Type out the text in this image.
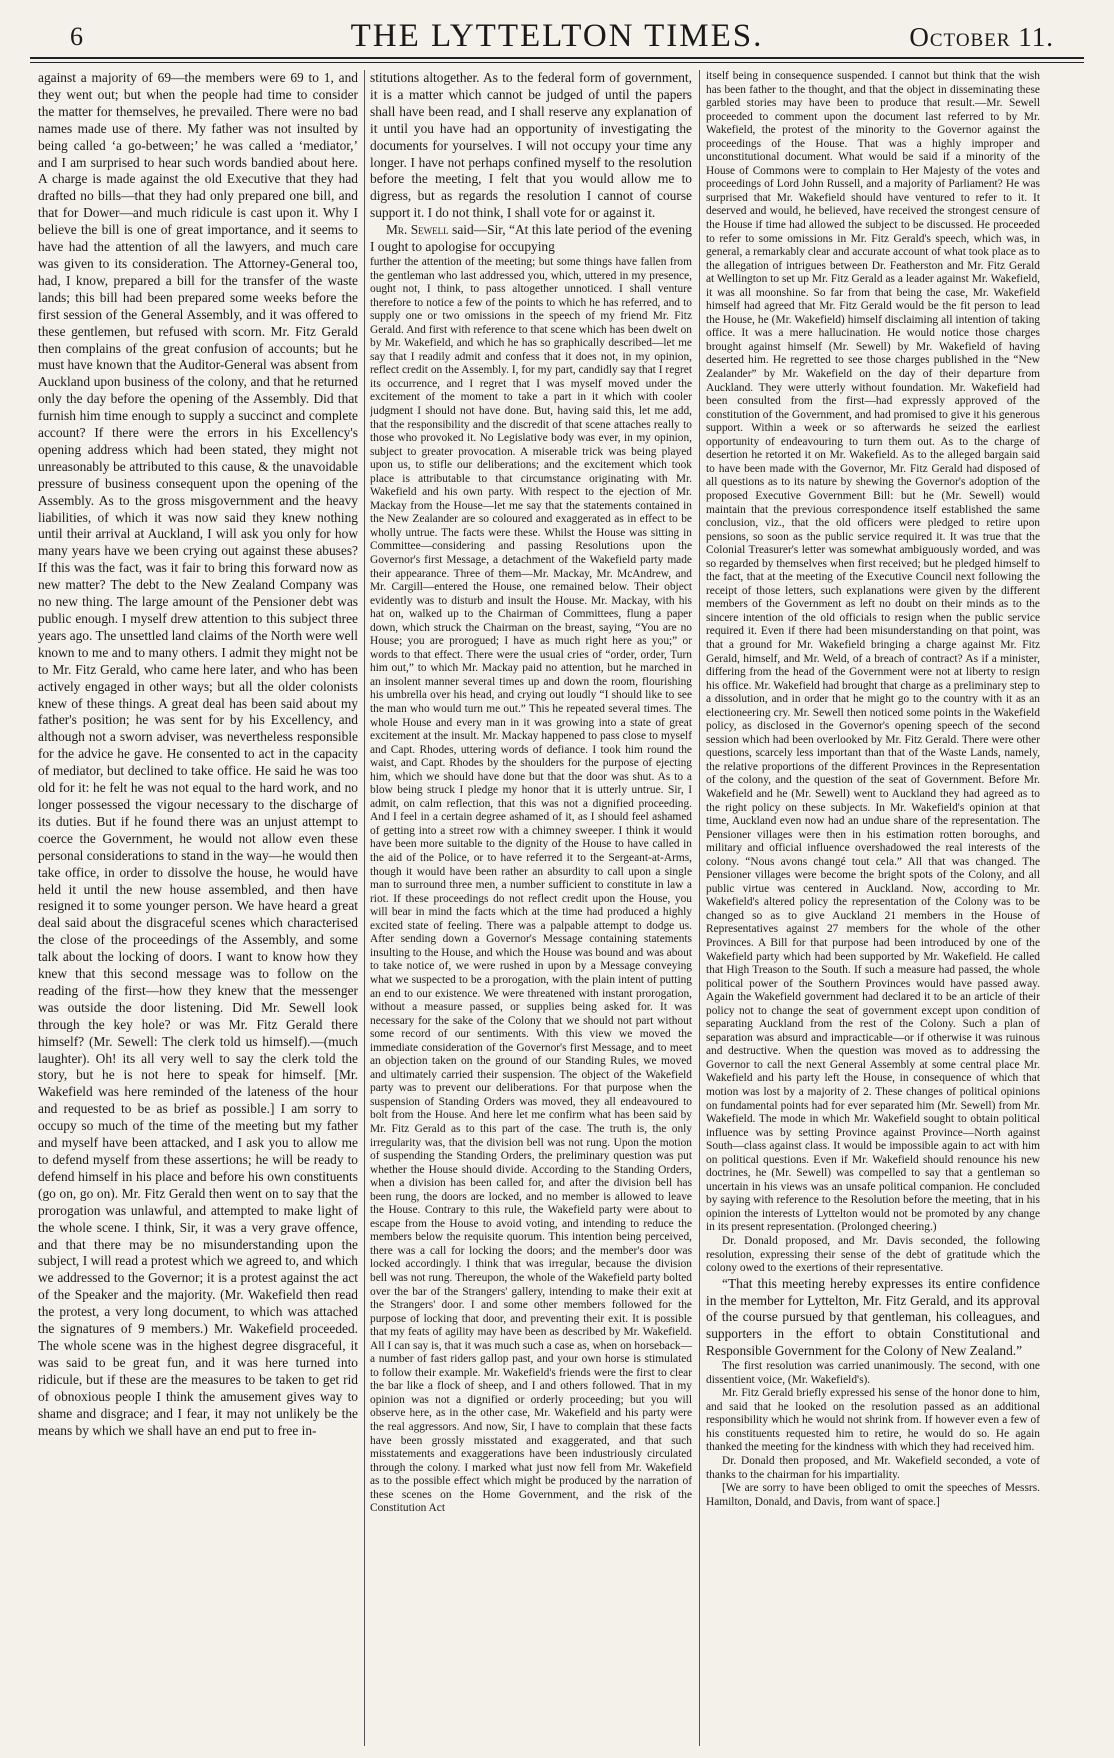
6	THE LYTTELTON TIMES.	October 11.

against a majority of 69—the members were 69 to 1, and they went out; but when the people had time to consider the matter for themselves, he prevailed. There were no bad names made use of there. My father was not insulted by being called ‘a go-between;’ he was called a ‘mediator,’ and I am surprised to hear such words bandied about here. A charge is made against the old Executive that they had drafted no bills—that they had only prepared one bill, and that for Dower—and much ridicule is cast upon it. Why I believe the bill is one of great importance, and it seems to have had the attention of all the lawyers, and much care was given to its consideration. The Attorney-General too, had, I know, prepared a bill for the transfer of the waste lands; this bill had been prepared some weeks before the first session of the General Assembly, and it was offered to these gentlemen, but refused with scorn. Mr. Fitz Gerald then complains of the great confusion of accounts; but he must have known that the Auditor-General was absent from Auckland upon business of the colony, and that he returned only the day before the opening of the Assembly. Did that furnish him time enough to supply a succinct and complete account? If there were the errors in his Excellency's opening address which had been stated, they might not unreasonably be attributed to this cause, & the unavoidable pressure of business consequent upon the opening of the Assembly. As to the gross misgovernment and the heavy liabilities, of which it was now said they knew nothing until their arrival at Auckland, I will ask you only for how many years have we been crying out against these abuses? If this was the fact, was it fair to bring this forward now as new matter? The debt to the New Zealand Company was no new thing. The large amount of the Pensioner debt was public enough. I myself drew attention to this subject three years ago. The unsettled land claims of the North were well known to me and to many others. I admit they might not be to Mr. Fitz Gerald, who came here later, and who has been actively engaged in other ways; but all the older colonists knew of these things. A great deal has been said about my father's position; he was sent for by his Excellency, and although not a sworn adviser, was nevertheless responsible for the advice he gave. He consented to act in the capacity of mediator, but declined to take office. He said he was too old for it: he felt he was not equal to the hard work, and no longer possessed the vigour necessary to the discharge of its duties. But if he found there was an unjust attempt to coerce the Government, he would not allow even these personal considerations to stand in the way—he would then take office, in order to dissolve the house, he would have held it until the new house assembled, and then have resigned it to some younger person. We have heard a great deal said about the disgraceful scenes which characterised the close of the proceedings of the Assembly, and some talk about the locking of doors. I want to know how they knew that this second message was to follow on the reading of the first—how they knew that the messenger was outside the door listening. Did Mr. Sewell look through the key hole? or was Mr. Fitz Gerald there himself? (Mr. Sewell: The clerk told us himself).—(much laughter). Oh! its all very well to say the clerk told the story, but he is not here to speak for himself. [Mr. Wakefield was here reminded of the lateness of the hour and requested to be as brief as possible.] I am sorry to occupy so much of the time of the meeting but my father and myself have been attacked, and I ask you to allow me to defend myself from these assertions; he will be ready to defend himself in his place and before his own constituents (go on, go on). Mr. Fitz Gerald then went on to say that the prorogation was unlawful, and attempted to make light of the whole scene. I think, Sir, it was a very grave offence, and that there may be no misunderstanding upon the subject, I will read a protest which we agreed to, and which we addressed to the Governor; it is a protest against the act of the Speaker and the majority. (Mr. Wakefield then read the protest, a very long document, to which was attached the signatures of 9 members.) Mr. Wakefield proceeded. The whole scene was in the highest degree disgraceful, it was said to be great fun, and it was here turned into ridicule, but if these are the measures to be taken to get rid of obnoxious people I think the amusement gives way to shame and disgrace; and I fear, it may not unlikely be the means by which we shall have an end put to free in-

stitutions altogether. As to the federal form of government, it is a matter which cannot be judged of until the papers shall have been read, and I shall reserve any explanation of it until you have had an opportunity of investigating the documents for yourselves. I will not occupy your time any longer. I have not perhaps confined myself to the resolution before the meeting, I felt that you would allow me to digress, but as regards the resolution I cannot of course support it. I do not think, I shall vote for or against it.

Mr. Sewell said—Sir, “At this late period of the evening I ought to apologise for occupying

further the attention of the meeting; but some things have fallen from the gentleman who last addressed you, which, uttered in my presence, ought not, I think, to pass altogether unnoticed. I shall venture therefore to notice a few of the points to which he has referred, and to supply one or two omissions in the speech of my friend Mr. Fitz Gerald. And first with reference to that scene which has been dwelt on by Mr. Wakefield, and which he has so graphically described—let me say that I readily admit and confess that it does not, in my opinion, reflect credit on the Assembly. I, for my part, candidly say that I regret its occurrence, and I regret that I was myself moved under the excitement of the moment to take a part in it which with cooler judgment I should not have done. But, having said this, let me add, that the responsibility and the discredit of that scene attaches really to those who provoked it. No Legislative body was ever, in my opinion, subject to greater provocation. A miserable trick was being played upon us, to stifle our deliberations; and the excitement which took place is attributable to that circumstance originating with Mr. Wakefield and his own party. With respect to the ejection of Mr. Mackay from the House—let me say that the statements contained in the New Zealander are so coloured and exaggerated as in effect to be wholly untrue. The facts were these. Whilst the House was sitting in Committee—considering and passing Resolutions upon the Governor's first Message, a detachment of the Wakefield party made their appearance. Three of them—Mr. Mackay, Mr. McAndrew, and Mr. Cargill—entered the House, one remained below. Their object evidently was to disturb and insult the House. Mr. Mackay, with his hat on, walked up to the Chairman of Committees, flung a paper down, which struck the Chairman on the breast, saying, “You are no House; you are prorogued; I have as much right here as you;” or words to that effect. There were the usual cries of “order, order, Turn him out,” to which Mr. Mackay paid no attention, but he marched in an insolent manner several times up and down the room, flourishing his umbrella over his head, and crying out loudly “I should like to see the man who would turn me out.” This he repeated several times. The whole House and every man in it was growing into a state of great excitement at the insult. Mr. Mackay happened to pass close to myself and Capt. Rhodes, uttering words of defiance. I took him round the waist, and Capt. Rhodes by the shoulders for the purpose of ejecting him, which we should have done but that the door was shut. As to a blow being struck I pledge my honor that it is utterly untrue. Sir, I admit, on calm reflection, that this was not a dignified proceeding. And I feel in a certain degree ashamed of it, as I should feel ashamed of getting into a street row with a chimney sweeper. I think it would have been more suitable to the dignity of the House to have called in the aid of the Police, or to have referred it to the Sergeant-at-Arms, though it would have been rather an absurdity to call upon a single man to surround three men, a number sufficient to constitute in law a riot. If these proceedings do not reflect credit upon the House, you will bear in mind the facts which at the time had produced a highly excited state of feeling. There was a palpable attempt to dodge us. After sending down a Governor's Message containing statements insulting to the House, and which the House was bound and was about to take notice of, we were rushed in upon by a Message conveying what we suspected to be a prorogation, with the plain intent of putting an end to our existence. We were threatened with instant prorogation, without a measure passed, or supplies being asked for. It was necessary for the sake of the Colony that we should not part without some record of our sentiments. With this view we moved the immediate consideration of the Governor's first Message, and to meet an objection taken on the ground of our Standing Rules, we moved and ultimately carried their suspension. The object of the Wakefield party was to prevent our deliberations. For that purpose when the suspension of Standing Orders was moved, they all endeavoured to bolt from the House. And here let me confirm what has been said by Mr. Fitz Gerald as to this part of the case. The truth is, the only irregularity was, that the division bell was not rung. Upon the motion of suspending the Standing Orders, the preliminary question was put whether the House should divide. According to the Standing Orders, when a division has been called for, and after the division bell has been rung, the doors are locked, and no member is allowed to leave the House. Contrary to this rule, the Wakefield party were about to escape from the House to avoid voting, and intending to reduce the members below the requisite quorum. This intention being perceived, there was a call for locking the doors; and the member's door was locked accordingly. I think that was irregular, because the division bell was not rung. Thereupon, the whole of the Wakefield party bolted over the bar of the Strangers' gallery, intending to make their exit at the Strangers' door. I and some other members followed for the purpose of locking that door, and preventing their exit. It is possible that my feats of agility may have been as described by Mr. Wakefield. All I can say is, that it was much such a case as, when on horseback—a number of fast riders gallop past, and your own horse is stimulated to follow their example. Mr. Wakefield's friends were the first to clear the bar like a flock of sheep, and I and others followed. That in my opinion was not a dignified or orderly proceeding; but you will observe here, as in the other case, Mr. Wakefield and his party were the real aggressors. And now, Sir, I have to complain that these facts have been grossly misstated and exaggerated, and that such misstatements and exaggerations have been industriously circulated through the colony. I marked what just now fell from Mr. Wakefield as to the possible effect which might be produced by the narration of these scenes on the Home Government, and the risk of the Constitution Act

itself being in consequence suspended. I cannot but think that the wish has been father to the thought, and that the object in disseminating these garbled stories may have been to produce that result.—Mr. Sewell proceeded to comment upon the document last referred to by Mr. Wakefield, the protest of the minority to the Governor against the proceedings of the House. That was a highly improper and unconstitutional document. What would be said if a minority of the House of Commons were to complain to Her Majesty of the votes and proceedings of Lord John Russell, and a majority of Parliament? He was surprised that Mr. Wakefield should have ventured to refer to it. It deserved and would, he believed, have received the strongest censure of the House if time had allowed the subject to be discussed. He proceeded to refer to some omissions in Mr. Fitz Gerald's speech, which was, in general, a remarkably clear and accurate account of what took place as to the allegation of intrigues between Dr. Featherston and Mr. Fitz Gerald at Wellington to set up Mr. Fitz Gerald as a leader against Mr. Wakefield, it was all moonshine. So far from that being the case, Mr. Wakefield himself had agreed that Mr. Fitz Gerald would be the fit person to lead the House, he (Mr. Wakefield) himself disclaiming all intention of taking office. It was a mere hallucination. He would notice those charges brought against himself (Mr. Sewell) by Mr. Wakefield of having deserted him. He regretted to see those charges published in the “New Zealander” by Mr. Wakefield on the day of their departure from Auckland. They were utterly without foundation. Mr. Wakefield had been consulted from the first—had expressly approved of the constitution of the Government, and had promised to give it his generous support. Within a week or so afterwards he seized the earliest opportunity of endeavouring to turn them out. As to the charge of desertion he retorted it on Mr. Wakefield. As to the alleged bargain said to have been made with the Governor, Mr. Fitz Gerald had disposed of all questions as to its nature by shewing the Governor's adoption of the proposed Executive Government Bill: but he (Mr. Sewell) would maintain that the previous correspondence itself established the same conclusion, viz., that the old officers were pledged to retire upon pensions, so soon as the public service required it. It was true that the Colonial Treasurer's letter was somewhat ambiguously worded, and was so regarded by themselves when first received; but he pledged himself to the fact, that at the meeting of the Executive Council next following the receipt of those letters, such explanations were given by the different members of the Government as left no doubt on their minds as to the sincere intention of the old officials to resign when the public service required it. Even if there had been misunderstanding on that point, was that a ground for Mr. Wakefield bringing a charge against Mr. Fitz Gerald, himself, and Mr. Weld, of a breach of contract? As if a minister, differing from the head of the Government were not at liberty to resign his office. Mr. Wakefield had brought that charge as a preliminary step to a dissolution, and in order that he might go to the country with it as an electioneering cry. Mr. Sewell then noticed some points in the Wakefield policy, as disclosed in the Governor's opening speech of the second session which had been overlooked by Mr. Fitz Gerald. There were other questions, scarcely less important than that of the Waste Lands, namely, the relative proportions of the different Provinces in the Representation of the colony, and the question of the seat of Government. Before Mr. Wakefield and he (Mr. Sewell) went to Auckland they had agreed as to the right policy on these subjects. In Mr. Wakefield's opinion at that time, Auckland even now had an undue share of the representation. The Pensioner villages were then in his estimation rotten boroughs, and military and official influence overshadowed the real interests of the colony. “Nous avons changé tout cela.” All that was changed. The Pensioner villages were become the bright spots of the Colony, and all public virtue was centered in Auckland. Now, according to Mr. Wakefield's altered policy the representation of the Colony was to be changed so as to give Auckland 21 members in the House of Representatives against 27 members for the whole of the other Provinces. A Bill for that purpose had been introduced by one of the Wakefield party which had been supported by Mr. Wakefield. He called that High Treason to the South. If such a measure had passed, the whole political power of the Southern Provinces would have passed away. Again the Wakefield government had declared it to be an article of their policy not to change the seat of government except upon condition of separating Auckland from the rest of the Colony. Such a plan of separation was absurd and impracticable—or if otherwise it was ruinous and destructive. When the question was moved as to addressing the Governor to call the next General Assembly at some central place Mr. Wakefield and his party left the House, in consequence of which that motion was lost by a majority of 2. These changes of political opinions on fundamental points had for ever separated him (Mr. Sewell) from Mr. Wakefield. The mode in which Mr. Wakefield sought to obtain political influence was by setting Province against Province—North against South—class against class. It would be impossible again to act with him on political questions. Even if Mr. Wakefield should renounce his new doctrines, he (Mr. Sewell) was compelled to say that a gentleman so uncertain in his views was an unsafe political companion. He concluded by saying with reference to the Resolution before the meeting, that in his opinion the interests of Lyttelton would not be promoted by any change in its present representation. (Prolonged cheering.)

Dr. Donald proposed, and Mr. Davis seconded, the following resolution, expressing their sense of the debt of gratitude which the colony owed to the exertions of their representative.

“That this meeting hereby expresses its entire confidence in the member for Lyttelton, Mr. Fitz Gerald, and its approval of the course pursued by that gentleman, his colleagues, and supporters in the effort to obtain Constitutional and Responsible Government for the Colony of New Zealand.”

The first resolution was carried unanimously. The second, with one dissentient voice, (Mr. Wakefield's).

Mr. Fitz Gerald briefly expressed his sense of the honor done to him, and said that he looked on the resolution passed as an additional responsibility which he would not shrink from. If however even a few of his constituents requested him to retire, he would do so. He again thanked the meeting for the kindness with which they had received him.

Dr. Donald then proposed, and Mr. Wakefield seconded, a vote of thanks to the chairman for his impartiality.

[We are sorry to have been obliged to omit the speeches of Messrs. Hamilton, Donald, and Davis, from want of space.]
